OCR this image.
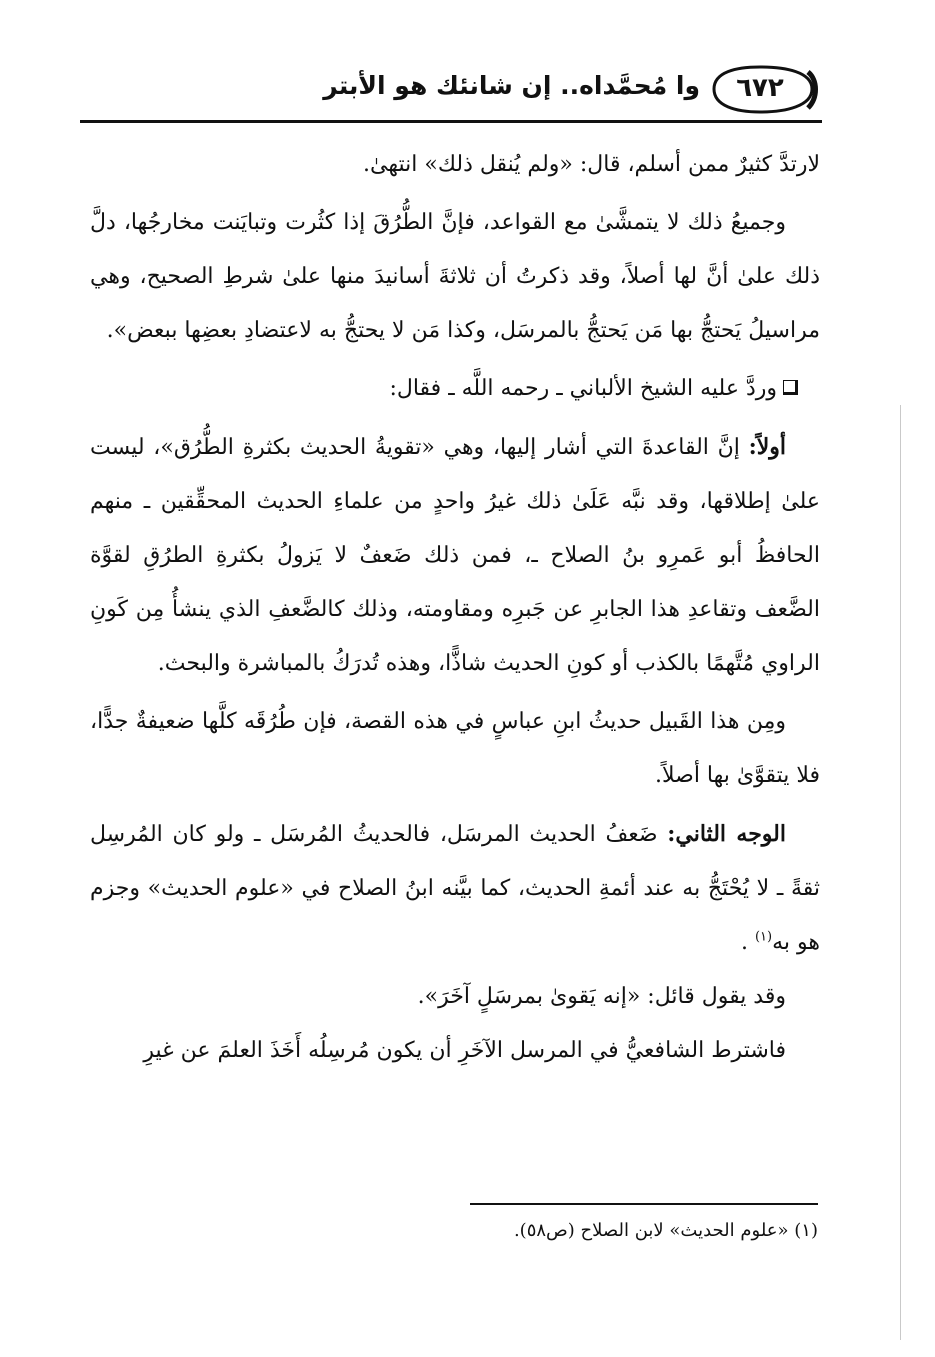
وا مُحمَّداه.. إن شانئك هو الأبتر	٦٧٢

لارتدَّ كثيرٌ ممن أسلم، قال: «ولم يُنقل ذلك» انتهىٰ.

وجميعُ ذلك لا يتمشَّىٰ مع القواعد، فإنَّ الطُّرُقَ إذا كثُرت وتبايَنت مخارجُها، دلَّ ذلك علىٰ أنَّ لها أصلاً، وقد ذكرتُ أن ثلاثةَ أسانيدَ منها علىٰ شرطِ الصحيح، وهي مراسيلُ يَحتجُّ بها مَن يَحتجُّ بالمرسَل، وكذا مَن لا يحتجُّ به لاعتضادِ بعضِها ببعض».

وردَّ عليه الشيخ الألباني ـ رحمه اللَّه ـ فقال:

أولاً: إنَّ القاعدةَ التي أشار إليها، وهي «تقويةُ الحديث بكثرةِ الطُّرُق»، ليست علىٰ إطلاقها، وقد نبَّه عَلَىٰ ذلك غيرُ واحدٍ من علماءِ الحديث المحقِّقين ـ منهم الحافظُ أبو عَمرِو بنُ الصلاح ـ، فمن ذلك ضَعفٌ لا يَزولُ بكثرةِ الطرُقِ لقوَّة الضَّعف وتقاعدِ هذا الجابرِ عن جَبرِه ومقاومته، وذلك كالضَّعفِ الذي ينشأُ مِن كَونِ الراوي مُتَّهمًا بالكذب أو كونِ الحديث شاذًّا، وهذه تُدرَكُ بالمباشرة والبحث.

ومِن هذا القَبيل حديثُ ابنِ عباسٍ في هذه القصة، فإن طُرُقَه كلَّها ضعيفةٌ جدًّا، فلا يتقوَّىٰ بها أصلاً.

الوجه الثاني: ضَعفُ الحديث المرسَل، فالحديثُ المُرسَل ـ ولو كان المُرسِل ثقةً ـ لا يُحْتَجُّ به عند أئمةِ الحديث، كما بيَّنه ابنُ الصلاح في «علوم الحديث» وجزم هو به$^{(١)}$ .

وقد يقول قائل: «إنه يَقوىٰ بمرسَلٍ آخَرَ».

فاشترط الشافعيُّ في المرسل الآخَرِ أن يكون مُرسِلُه أَخَذَ العلمَ عن غيرِ

(١) «علوم الحديث» لابن الصلاح (ص٥٨).
